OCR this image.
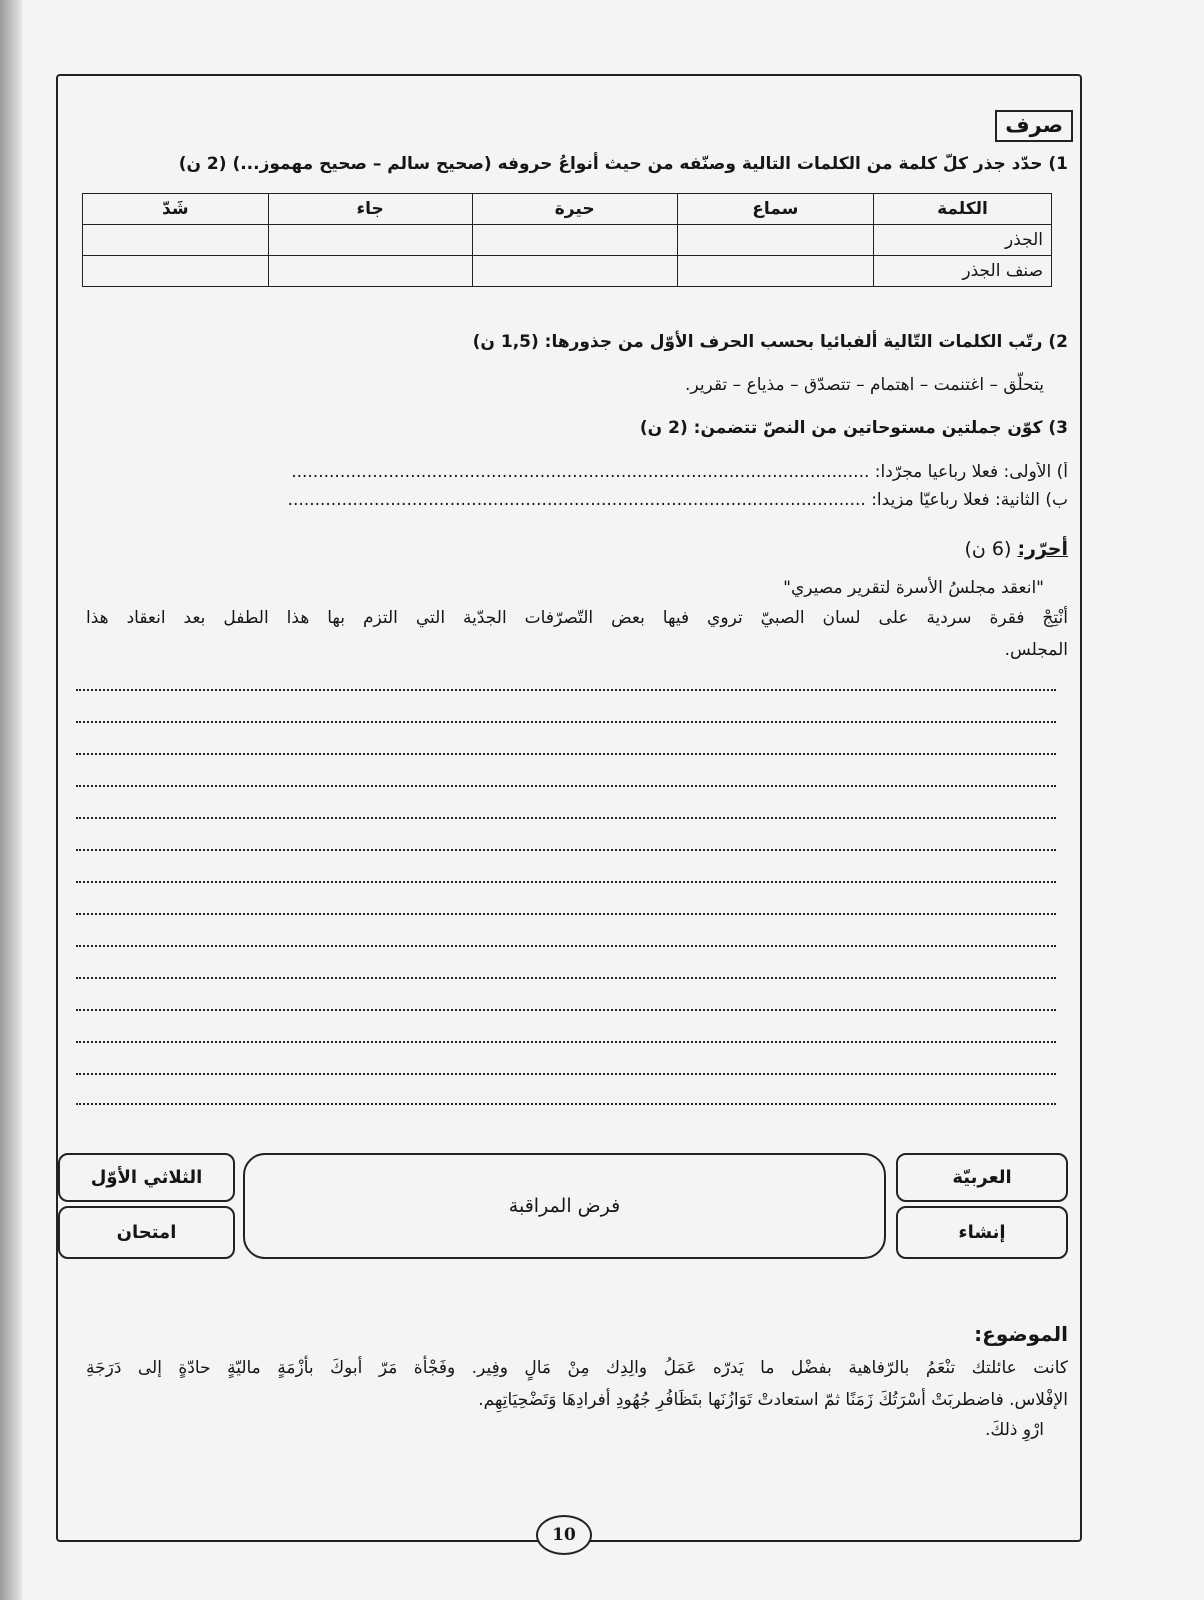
صرف
1) حدّد جذر كلّ كلمة من الكلمات التالية وصنّفه من حيث أنواعُ حروفه (صحيح سالم – صحيح مهموز...) (2 ن)
الكلمة	سماع	حيرة	جاء	شَدّ
الجذر				
صنف الجذر				
2) رتّب الكلمات التّالية ألفبائيا بحسب الحرف الأوّل من جذورها: (1,5 ن)
يتحلّق – اغتنمت – اهتمام – تتصدّق – مذياع – تقرير.
3) كوّن جملتين مستوحاتين من النصّ تتضمن: (2 ن)
أ) الأولى: فعلا رباعيا مجرّدا: ...........................................................................................................
ب) الثانية: فعلا رباعيّا مزيدا: ...........................................................................................................
أحرّر: (6 ن)
"انعقد مجلسُ الأسرة لتقرير مصيري"
أنْتِجْ فقرة سردية على لسان الصبيّ تروي فيها بعض التّصرّفات الجدّية التي التزم بها هذا الطفل بعد انعقاد هذا
المجلس.
العربيّة
إنشاء
فرض المراقبة
الثلاثي الأوّل
امتحان
الموضوع:
كانت عائلتك تنْعَمُ بالرّفاهية بفضْل ما يَدرّه عَمَلُ والِدِك مِنْ مَالٍ وفِير. وفَجْأة مَرّ أبوكَ بأزْمَةٍ ماليّةٍ حادّةٍ إلى دَرَجَةِ
الإفْلاس. فاضطربَتْ أسْرَتُكَ زَمَنًا ثمّ استعادتْ تَوَازُنَها بتَظَافُرِ جُهُودِ أفرادِهَا وَتَضْحِيَاتِهِم.
ارْوِ ذلكَ.
10
